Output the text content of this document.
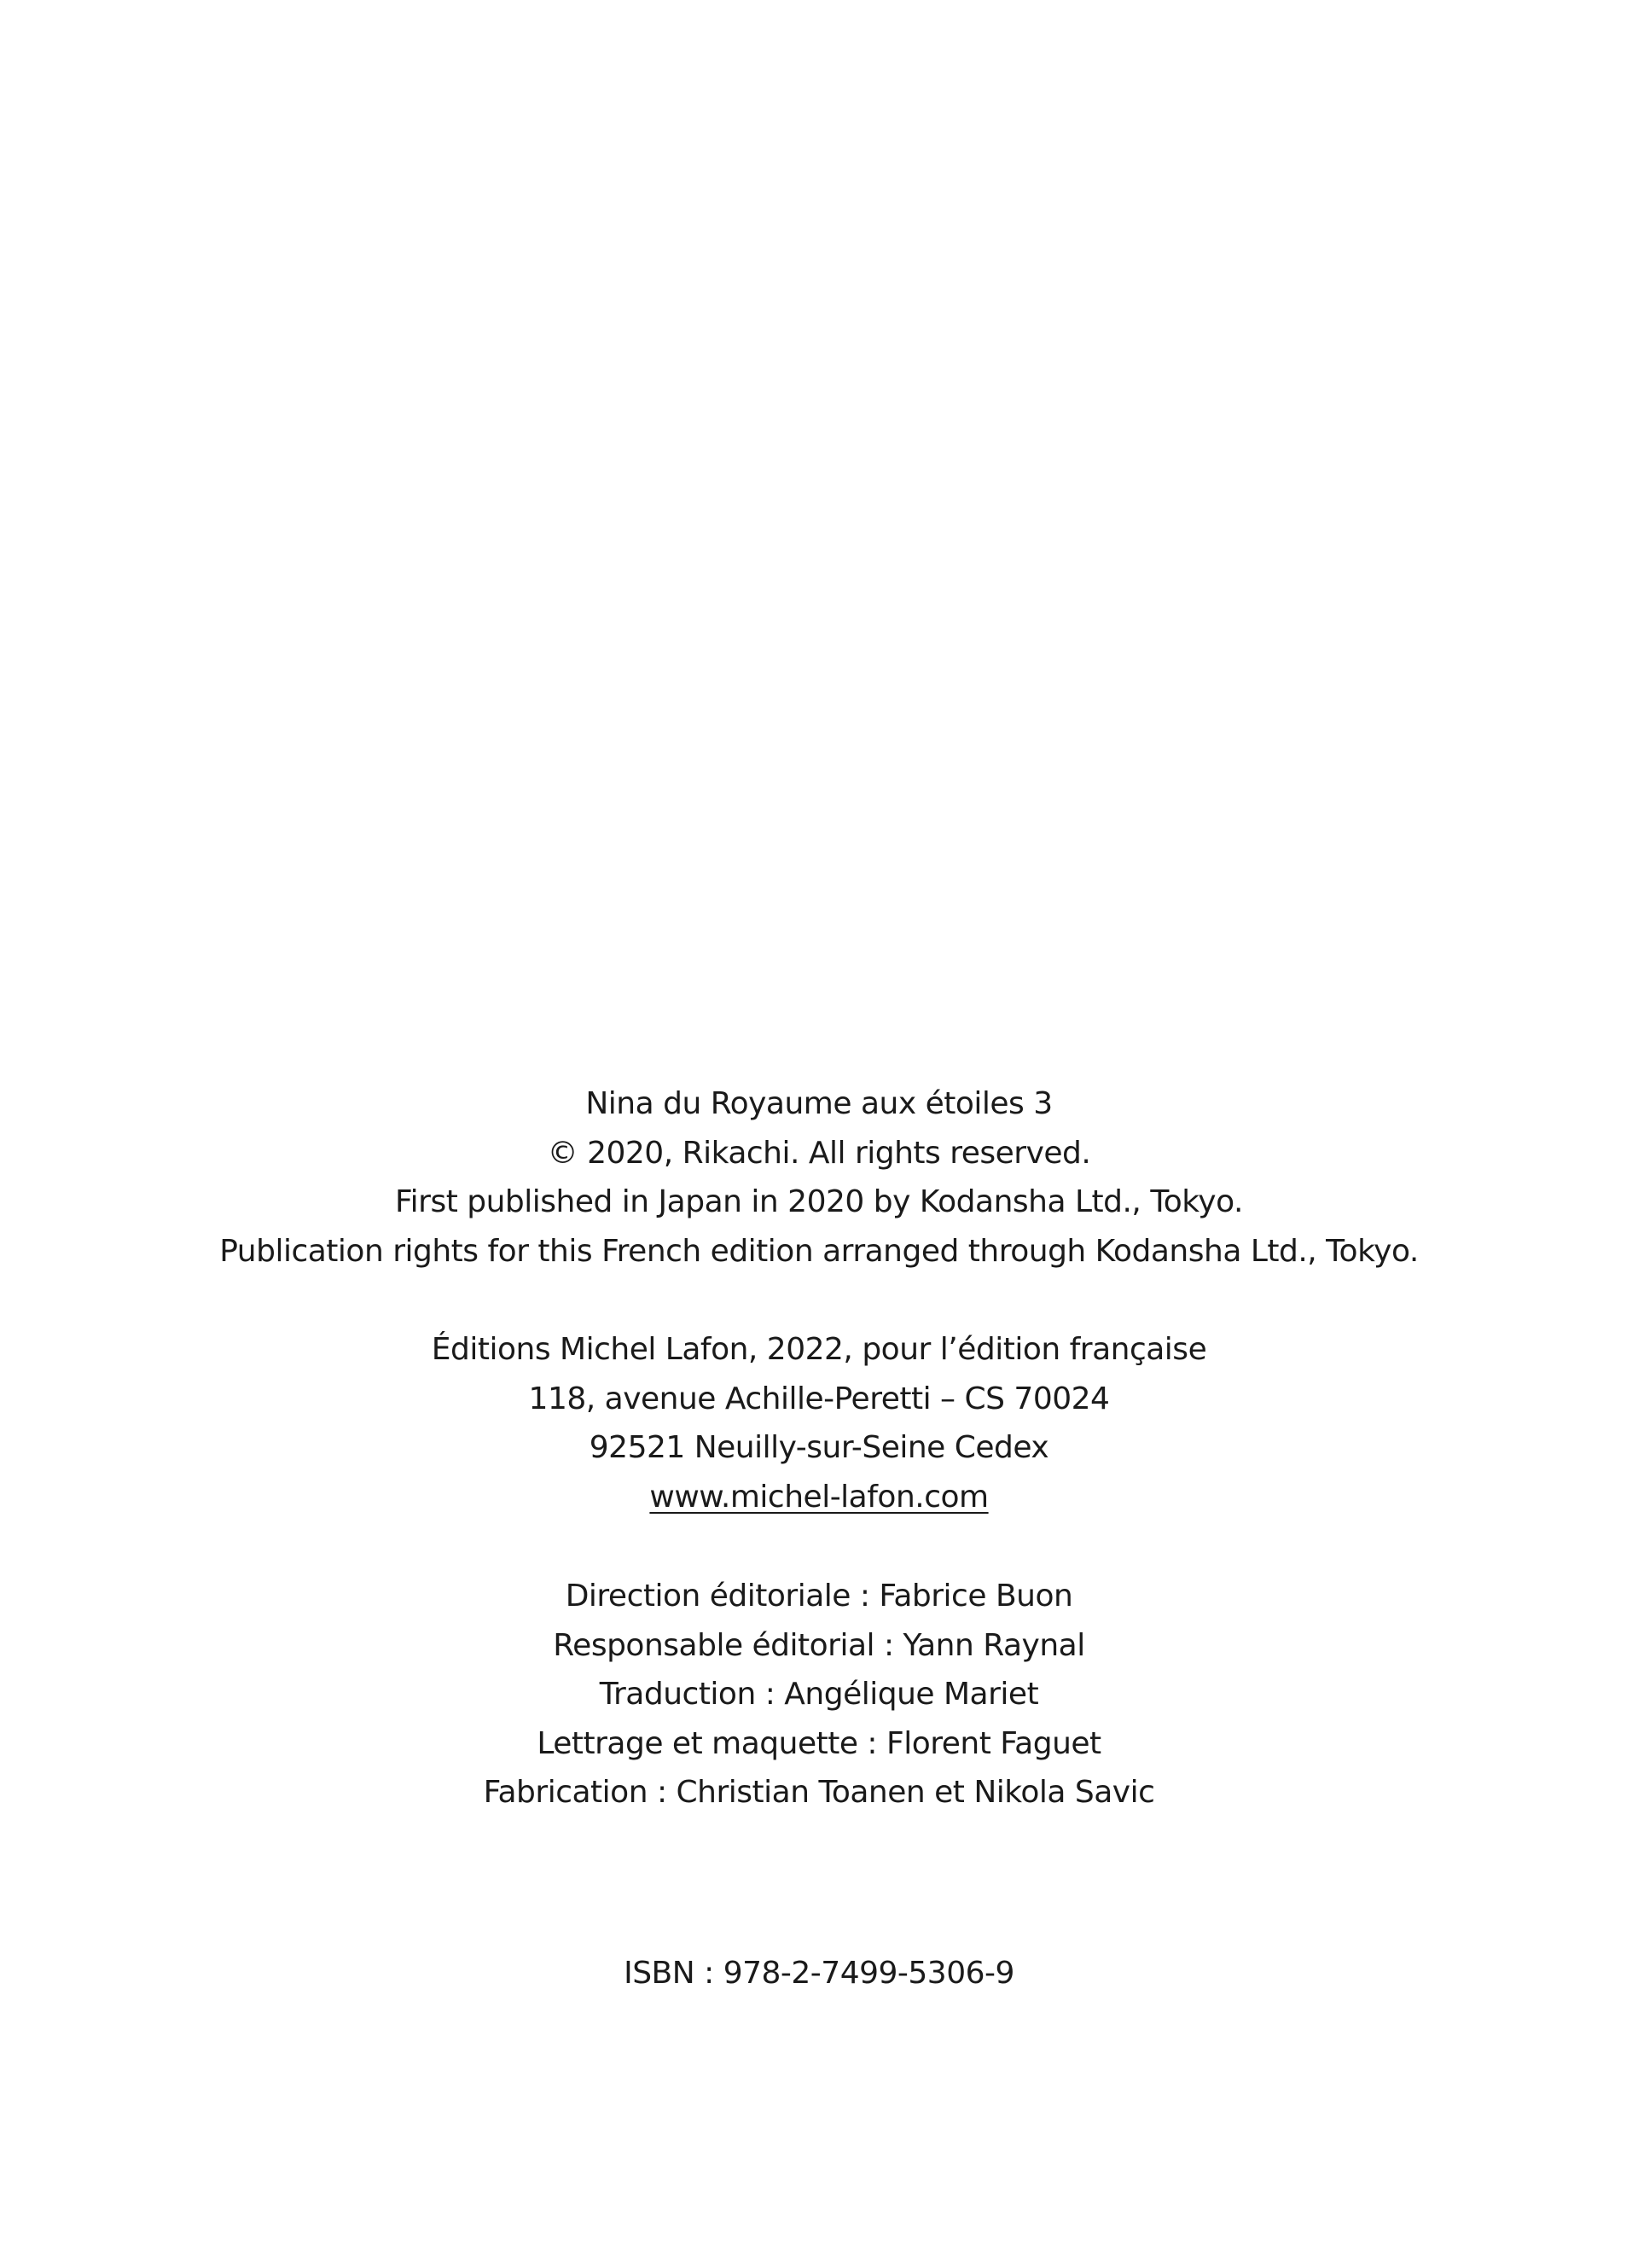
Nina du Royaume aux étoiles 3
© 2020, Rikachi. All rights reserved.
First published in Japan in 2020 by Kodansha Ltd., Tokyo.
Publication rights for this French edition arranged through Kodansha Ltd., Tokyo.
Éditions Michel Lafon, 2022, pour l’édition française
118, avenue Achille-Peretti – CS 70024
92521 Neuilly-sur-Seine Cedex
www.michel-lafon.com
Direction éditoriale : Fabrice Buon
Responsable éditorial : Yann Raynal
Traduction : Angélique Mariet
Lettrage et maquette : Florent Faguet
Fabrication : Christian Toanen et Nikola Savic
ISBN : 978-2-7499-5306-9
